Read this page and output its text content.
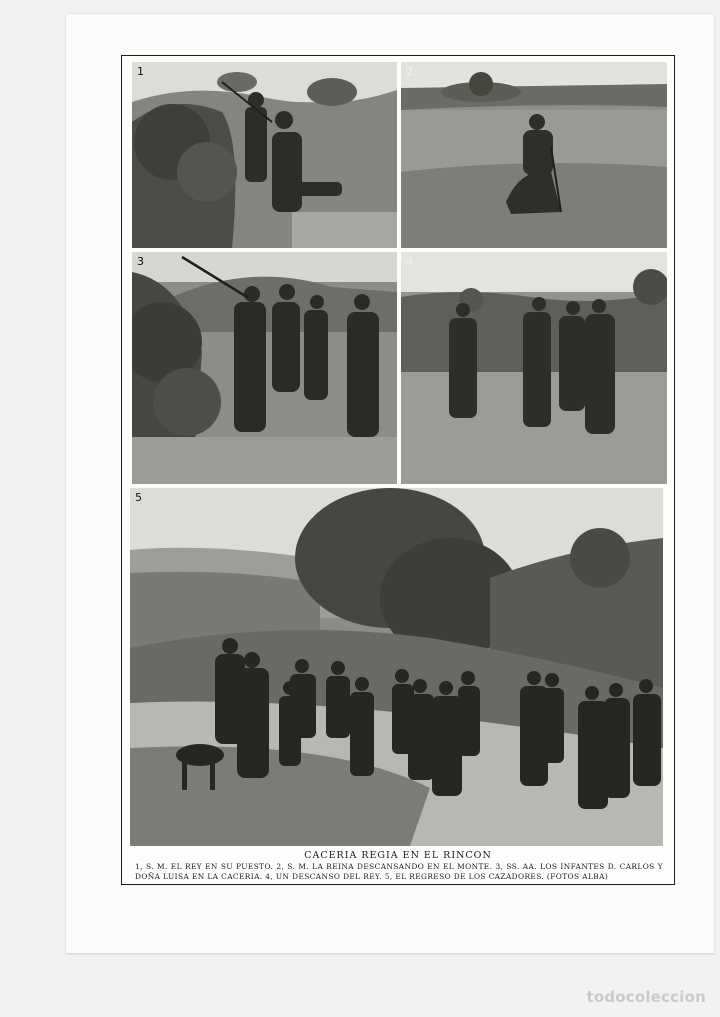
1	2
3	4
5
CACERIA REGIA EN EL RINCON
1, S. M. EL REY EN SU PUESTO. 2, S. M. LA REINA DESCANSANDO EN EL MONTE. 3, SS. AA. LOS INFANTES D. CARLOS Y DOÑA LUISA EN LA CACERIA. 4, UN DESCANSO DEL REY. 5, EL REGRESO DE LOS CAZADORES. (FOTOS ALBA)
todocoleccion
